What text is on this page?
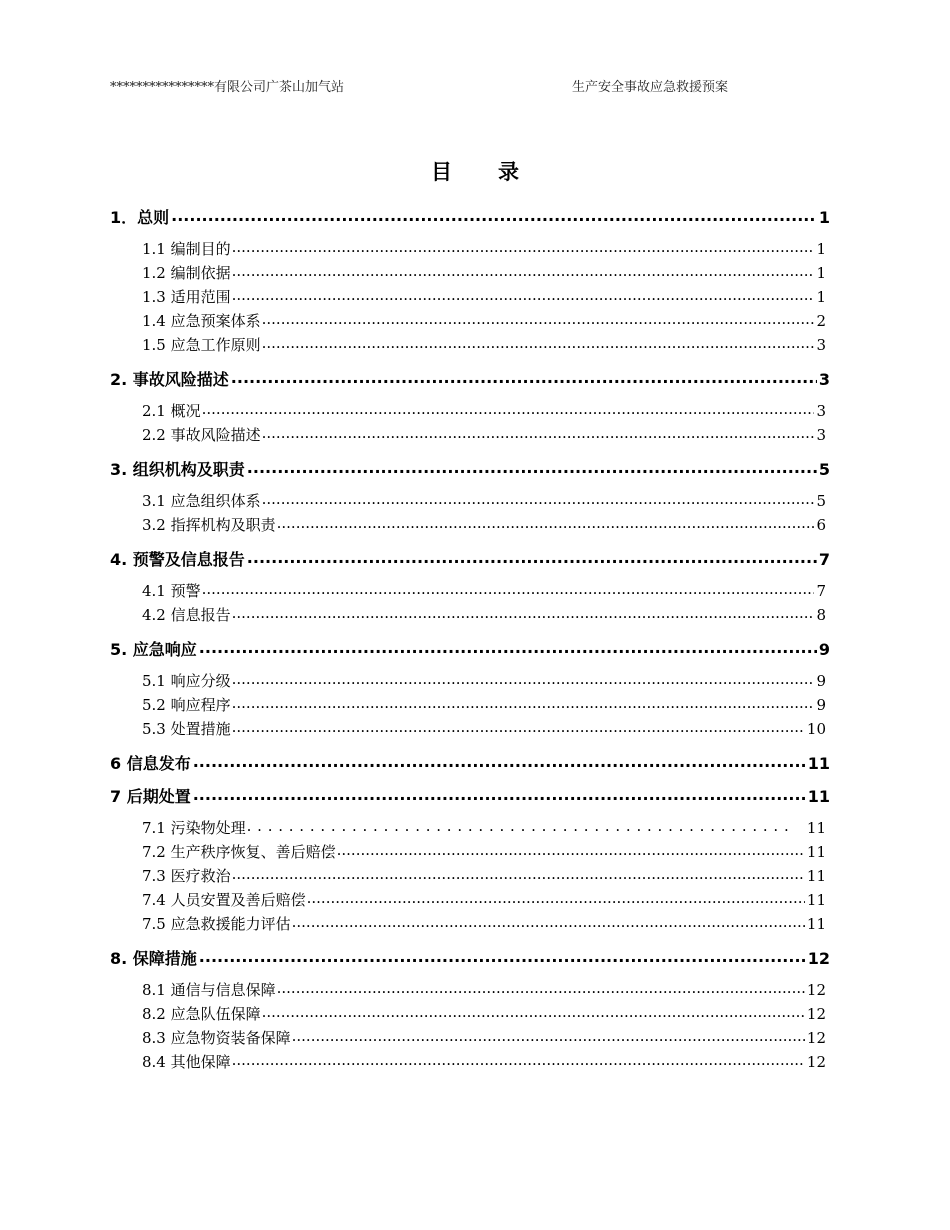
****************有限公司广茶山加气站	生产安全事故应急救援预案
目 录
1．总则 .....	1
1.1 编制目的 .....	1
1.2 编制依据 .....	1
1.3 适用范围 .....	1
1.4 应急预案体系 .....	2
1.5 应急工作原则 .....	3
2. 事故风险描述 .....	3
2.1 概况 .....	3
2.2 事故风险描述 .....	3
3. 组织机构及职责 .....	5
3.1 应急组织体系 .....	5
3.2 指挥机构及职责 .....	6
4. 预警及信息报告 .....	7
4.1 预警 .....	7
4.2 信息报告 .....	8
5. 应急响应 .....	9
5.1 响应分级 .....	9
5.2 响应程序 .....	9
5.3 处置措施 .....	10
6 信息发布 .....	11
7 后期处置 .....	11
7.1 污染物处理 . . .	11
7.2 生产秩序恢复、善后赔偿 .....	11
7.3 医疗救治 .....	11
7.4 人员安置及善后赔偿 .....	11
7.5 应急救援能力评估 .....	11
8. 保障措施 .....	12
8.1 通信与信息保障 .....	12
8.2 应急队伍保障 .....	12
8.3 应急物资装备保障 .....	12
8.4 其他保障 .....	12
